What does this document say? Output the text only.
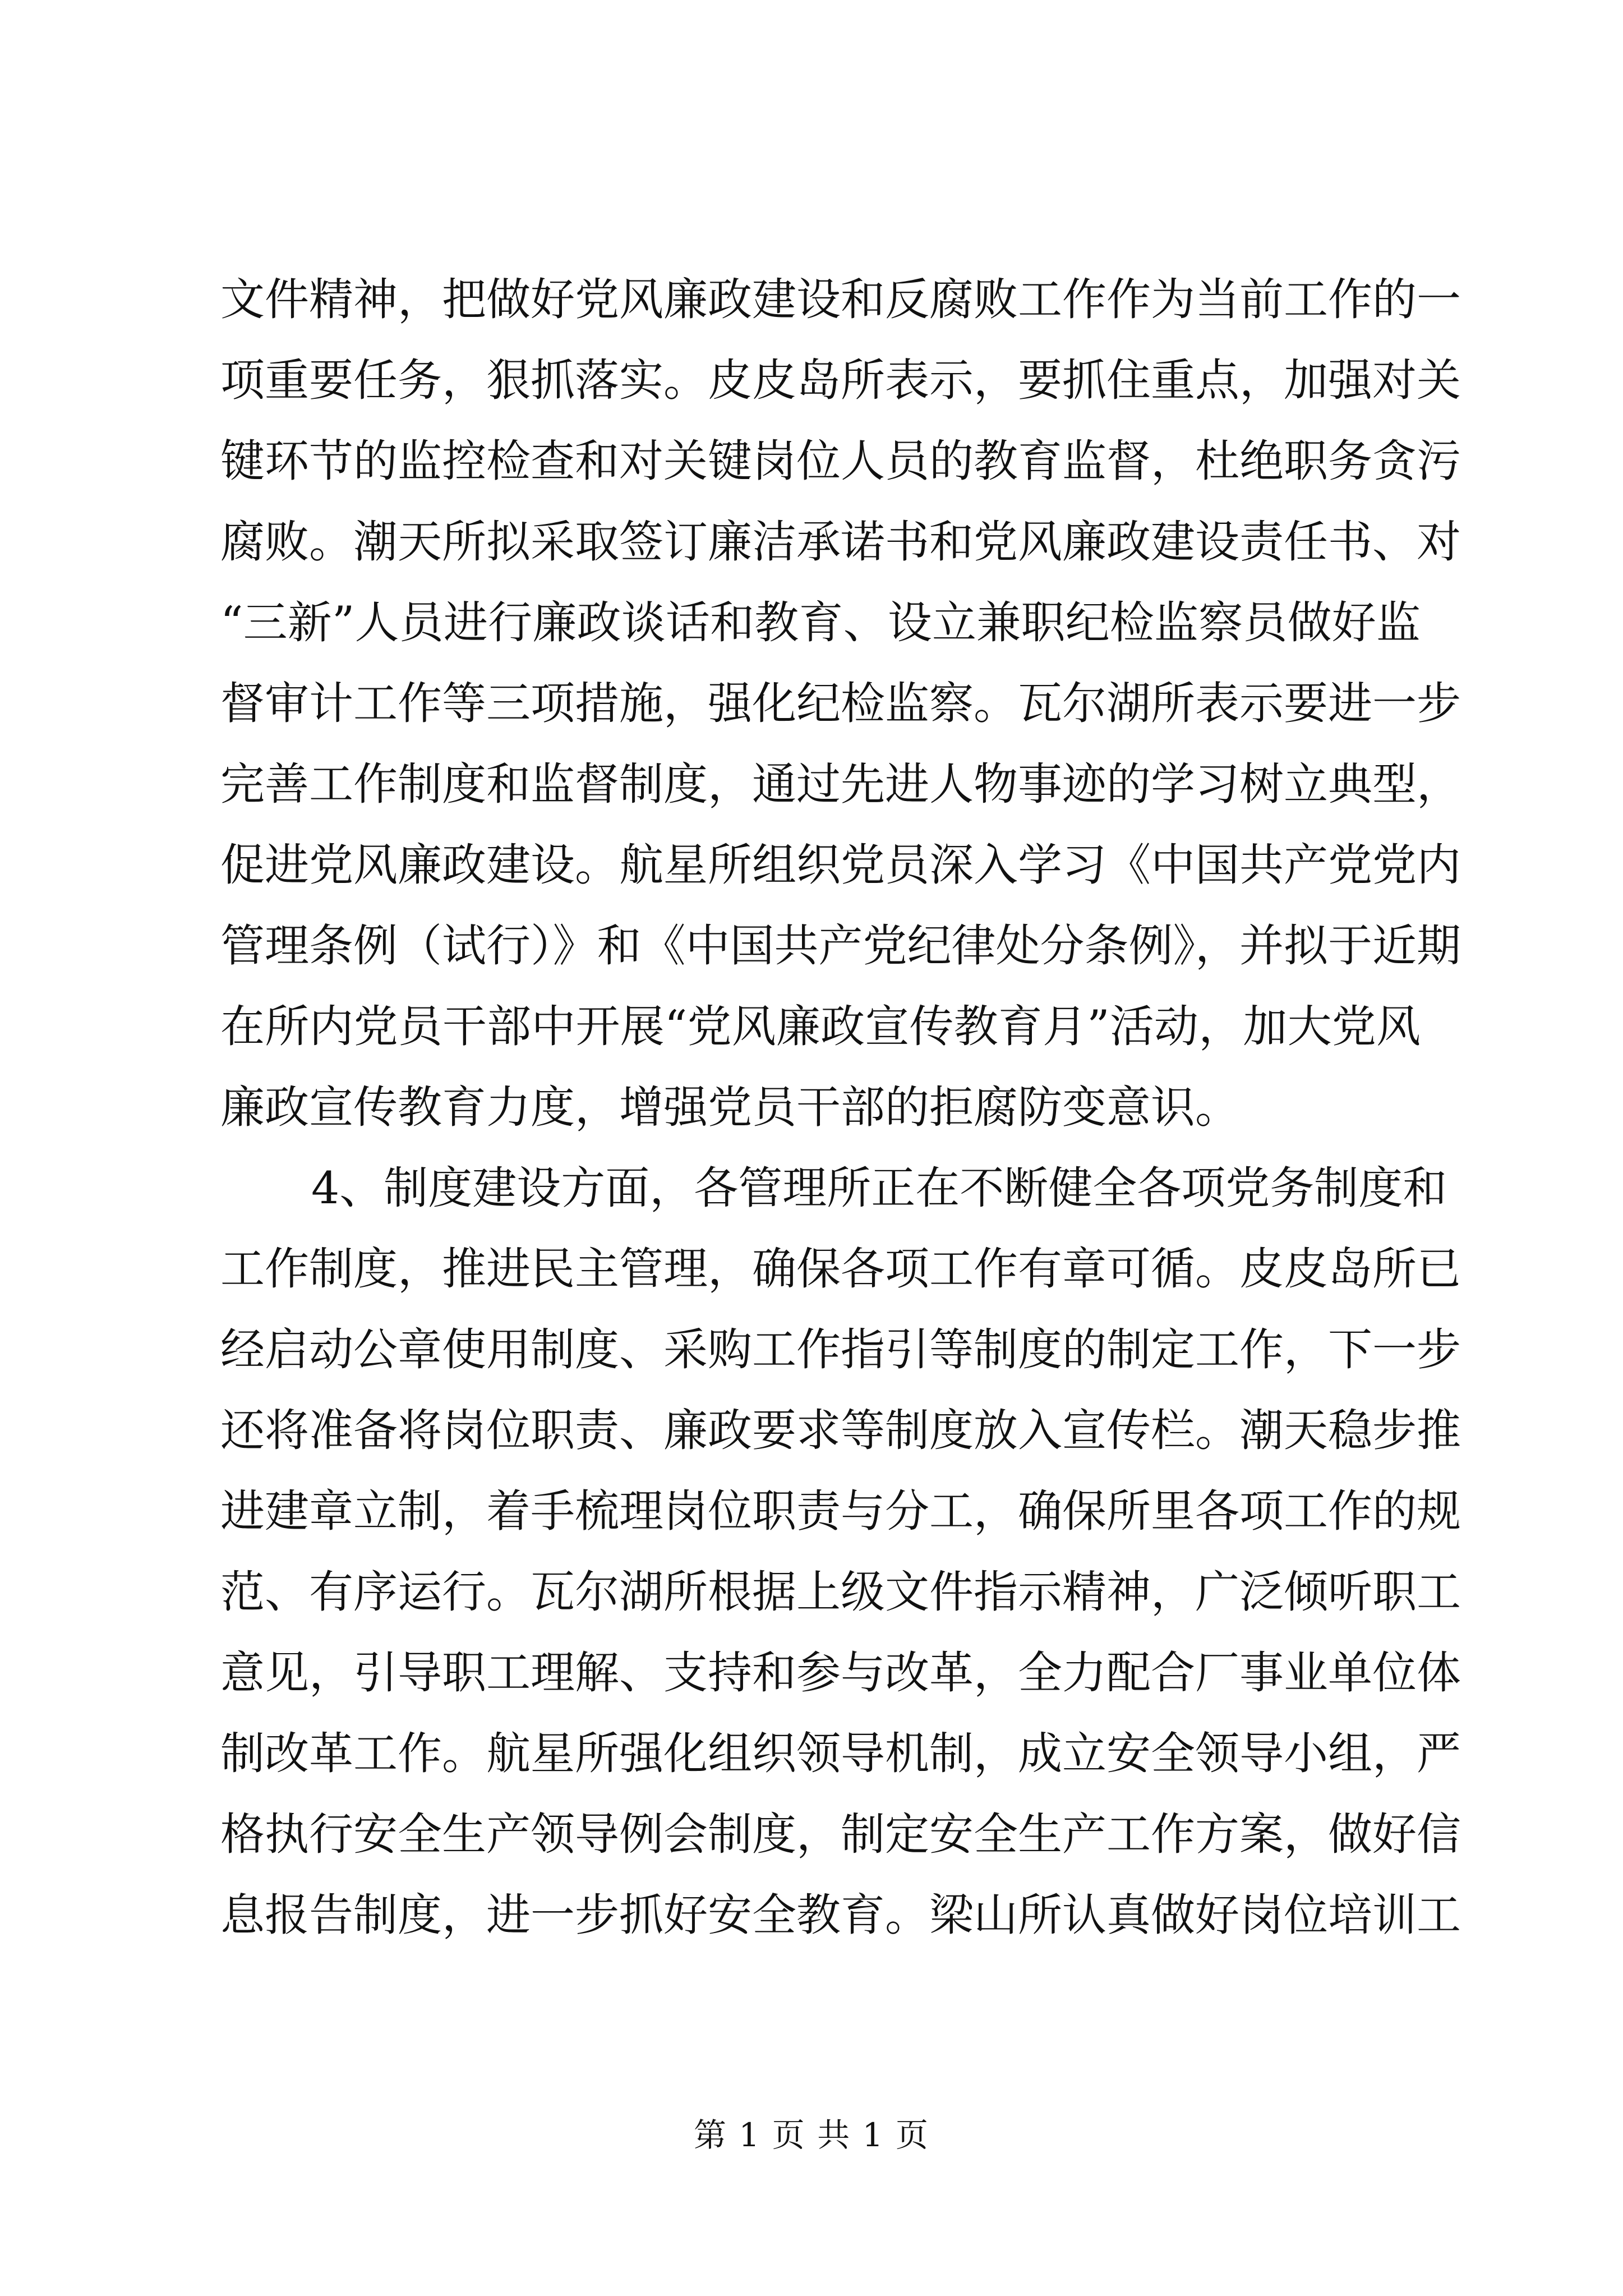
文件精神，把做好党风廉政建设和反腐败工作作为当前工作的一
项重要任务，狠抓落实。皮皮岛所表示，要抓住重点，加强对关
键环节的监控检查和对关键岗位人员的教育监督，杜绝职务贪污
腐败。潮天所拟采取签订廉洁承诺书和党风廉政建设责任书、对
“三新”人员进行廉政谈话和教育、设立兼职纪检监察员做好监
督审计工作等三项措施，强化纪检监察。瓦尔湖所表示要进一步
完善工作制度和监督制度，通过先进人物事迹的学习树立典型，
促进党风廉政建设。航星所组织党员深入学习《中国共产党党内
管理条例（试行）》和《中国共产党纪律处分条例》，并拟于近期
在所内党员干部中开展“党风廉政宣传教育月”活动，加大党风
廉政宣传教育力度，增强党员干部的拒腐防变意识。
4、制度建设方面，各管理所正在不断健全各项党务制度和
工作制度，推进民主管理，确保各项工作有章可循。皮皮岛所已
经启动公章使用制度、采购工作指引等制度的制定工作，下一步
还将准备将岗位职责、廉政要求等制度放入宣传栏。潮天稳步推
进建章立制，着手梳理岗位职责与分工，确保所里各项工作的规
范、有序运行。瓦尔湖所根据上级文件指示精神，广泛倾听职工
意见，引导职工理解、支持和参与改革，全力配合厂事业单位体
制改革工作。航星所强化组织领导机制，成立安全领导小组，严
格执行安全生产领导例会制度，制定安全生产工作方案，做好信
息报告制度，进一步抓好安全教育。梁山所认真做好岗位培训工
第 1 页 共 1 页
